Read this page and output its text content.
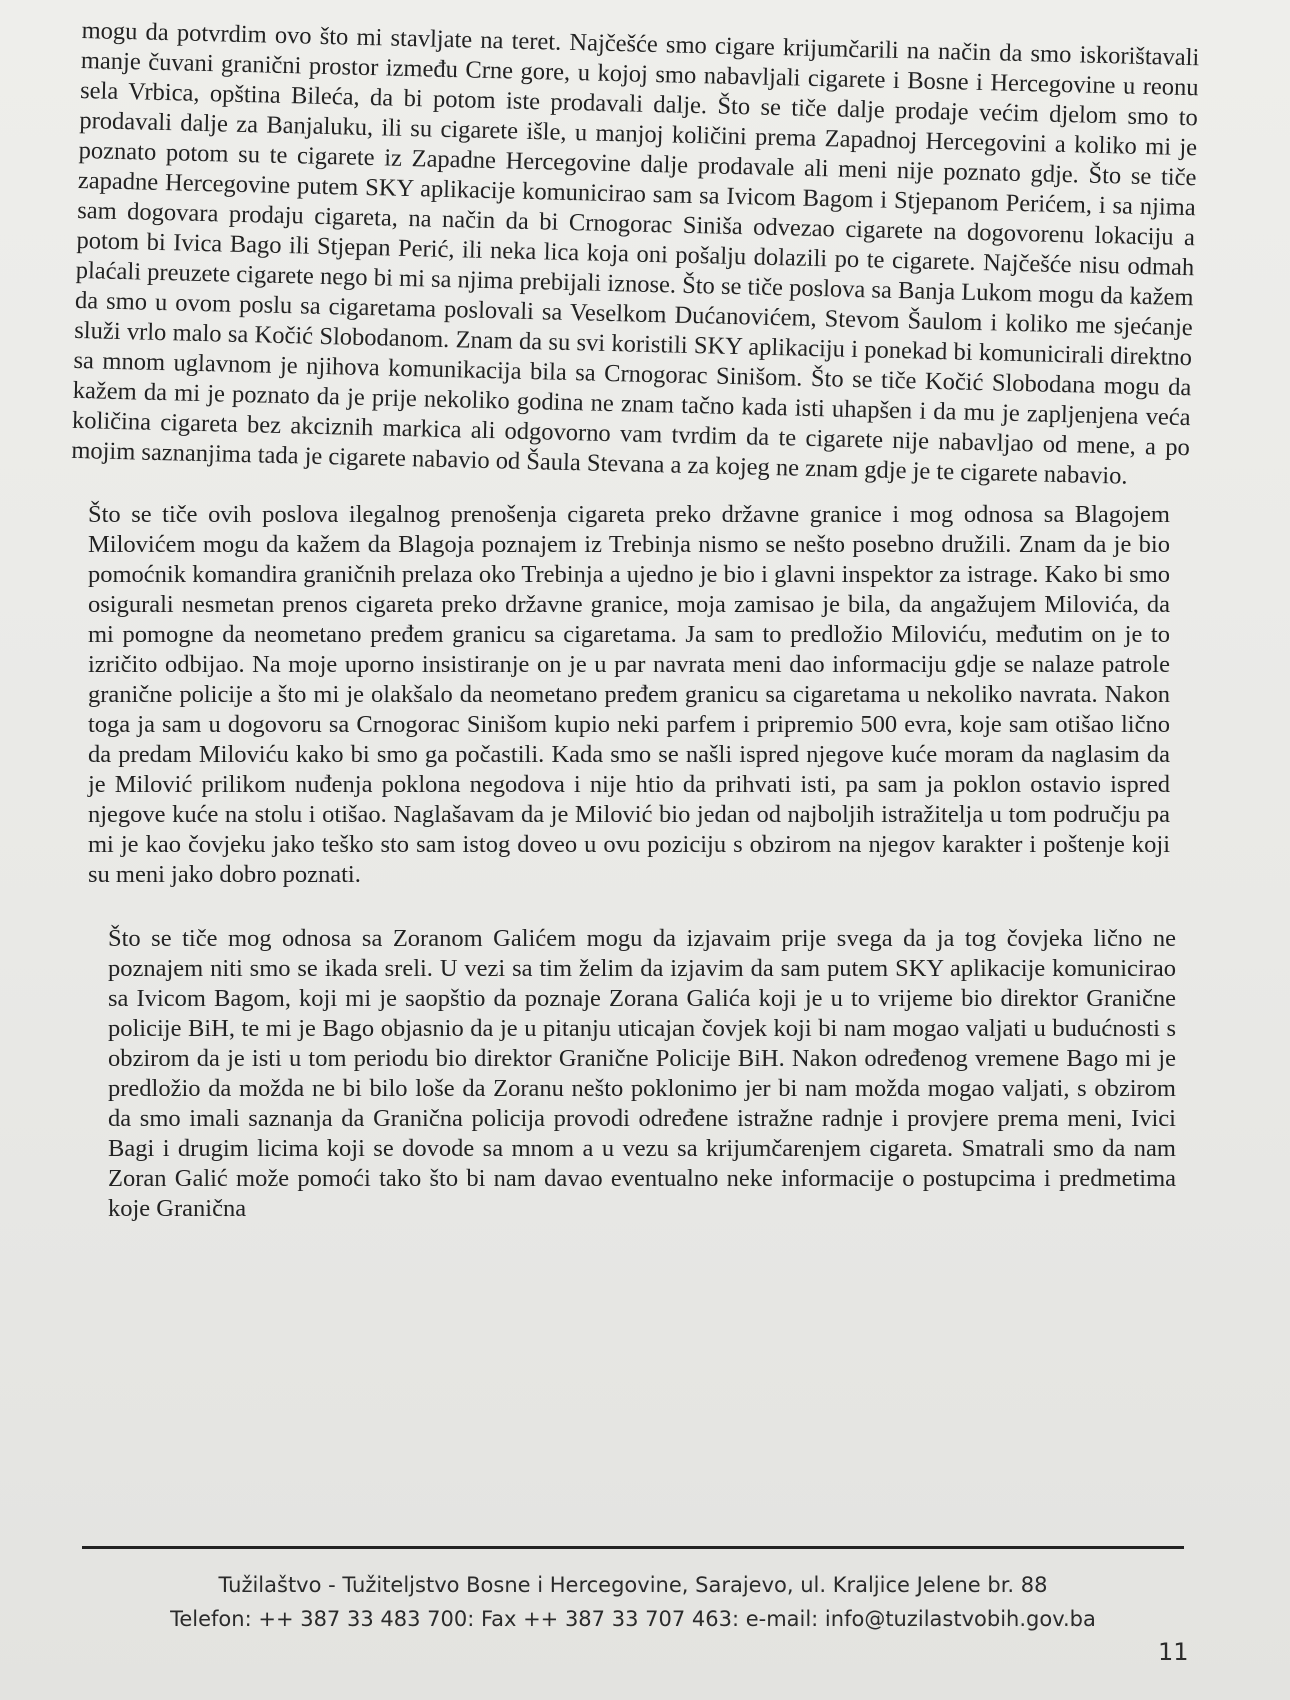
mogu da potvrdim ovo što mi stavljate na teret. Najčešće smo cigare krijumčarili na način da smo iskorištavali manje čuvani granični prostor između Crne gore, u kojoj smo nabavljali cigarete i Bosne i Hercegovine u reonu sela Vrbica, opština Bileća, da bi potom iste prodavali dalje. Što se tiče dalje prodaje većim djelom smo to prodavali dalje za Banjaluku, ili su cigarete išle, u manjoj količini prema Zapadnoj Hercegovini a koliko mi je poznato potom su te cigarete iz Zapadne Hercegovine dalje prodavale ali meni nije poznato gdje. Što se tiče zapadne Hercegovine putem SKY aplikacije komunicirao sam sa Ivicom Bagom i Stjepanom Perićem, i sa njima sam dogovara prodaju cigareta, na način da bi Crnogorac Siniša odvezao cigarete na dogovorenu lokaciju a potom bi Ivica Bago ili Stjepan Perić, ili neka lica koja oni pošalju dolazili po te cigarete. Najčešće nisu odmah plaćali preuzete cigarete nego bi mi sa njima prebijali iznose. Što se tiče poslova sa Banja Lukom mogu da kažem da smo u ovom poslu sa cigaretama poslovali sa Veselkom Dućanovićem, Stevom Šaulom i koliko me sjećanje služi vrlo malo sa Kočić Slobodanom. Znam da su svi koristili SKY aplikaciju i ponekad bi komunicirali direktno sa mnom uglavnom je njihova komunikacija bila sa Crnogorac Sinišom. Što se tiče Kočić Slobodana mogu da kažem da mi je poznato da je prije nekoliko godina ne znam tačno kada isti uhapšen i da mu je zapljenjena veća količina cigareta bez akciznih markica ali odgovorno vam tvrdim da te cigarete nije nabavljao od mene, a po mojim saznanjima tada je cigarete nabavio od Šaula Stevana a za kojeg ne znam gdje je te cigarete nabavio.

Što se tiče ovih poslova ilegalnog prenošenja cigareta preko državne granice i mog odnosa sa Blagojem Milovićem mogu da kažem da Blagoja poznajem iz Trebinja nismo se nešto posebno družili. Znam da je bio pomoćnik komandira graničnih prelaza oko Trebinja a ujedno je bio i glavni inspektor za istrage. Kako bi smo osigurali nesmetan prenos cigareta preko državne granice, moja zamisao je bila, da angažujem Milovića, da mi pomogne da neometano pređem granicu sa cigaretama. Ja sam to predložio Miloviću, međutim on je to izričito odbijao. Na moje uporno insistiranje on je u par navrata meni dao informaciju gdje se nalaze patrole granične policije a što mi je olakšalo da neometano pređem granicu sa cigaretama u nekoliko navrata. Nakon toga ja sam u dogovoru sa Crnogorac Sinišom kupio neki parfem i pripremio 500 evra, koje sam otišao lično da predam Miloviću kako bi smo ga počastili. Kada smo se našli ispred njegove kuće moram da naglasim da je Milović prilikom nuđenja poklona negodova i nije htio da prihvati isti, pa sam ja poklon ostavio ispred njegove kuće na stolu i otišao. Naglašavam da je Milović bio jedan od najboljih istražitelja u tom području pa mi je kao čovjeku jako teško sto sam istog doveo u ovu poziciju s obzirom na njegov karakter i poštenje koji su meni jako dobro poznati.

Što se tiče mog odnosa sa Zoranom Galićem mogu da izjavaim prije svega da ja tog čovjeka lično ne poznajem niti smo se ikada sreli. U vezi sa tim želim da izjavim da sam putem SKY aplikacije komunicirao sa Ivicom Bagom, koji mi je saopštio da poznaje Zorana Galića koji je u to vrijeme bio direktor Granične policije BiH, te mi je Bago objasnio da je u pitanju uticajan čovjek koji bi nam mogao valjati u budućnosti s obzirom da je isti u tom periodu bio direktor Granične Policije BiH. Nakon određenog vremene Bago mi je predložio da možda ne bi bilo loše da Zoranu nešto poklonimo jer bi nam možda mogao valjati, s obzirom da smo imali saznanja da Granična policija provodi određene istražne radnje i provjere prema meni, Ivici Bagi i drugim licima koji se dovode sa mnom a u vezu sa krijumčarenjem cigareta. Smatrali smo da nam Zoran Galić može pomoći tako što bi nam davao eventualno neke informacije o postupcima i predmetima koje Granična

Tužilaštvo - Tužiteljstvo Bosne i Hercegovine, Sarajevo, ul. Kraljice Jelene br. 88
Telefon: ++ 387 33 483 700: Fax ++ 387 33 707 463: e-mail: info@tuzilastvobih.gov.ba
11
